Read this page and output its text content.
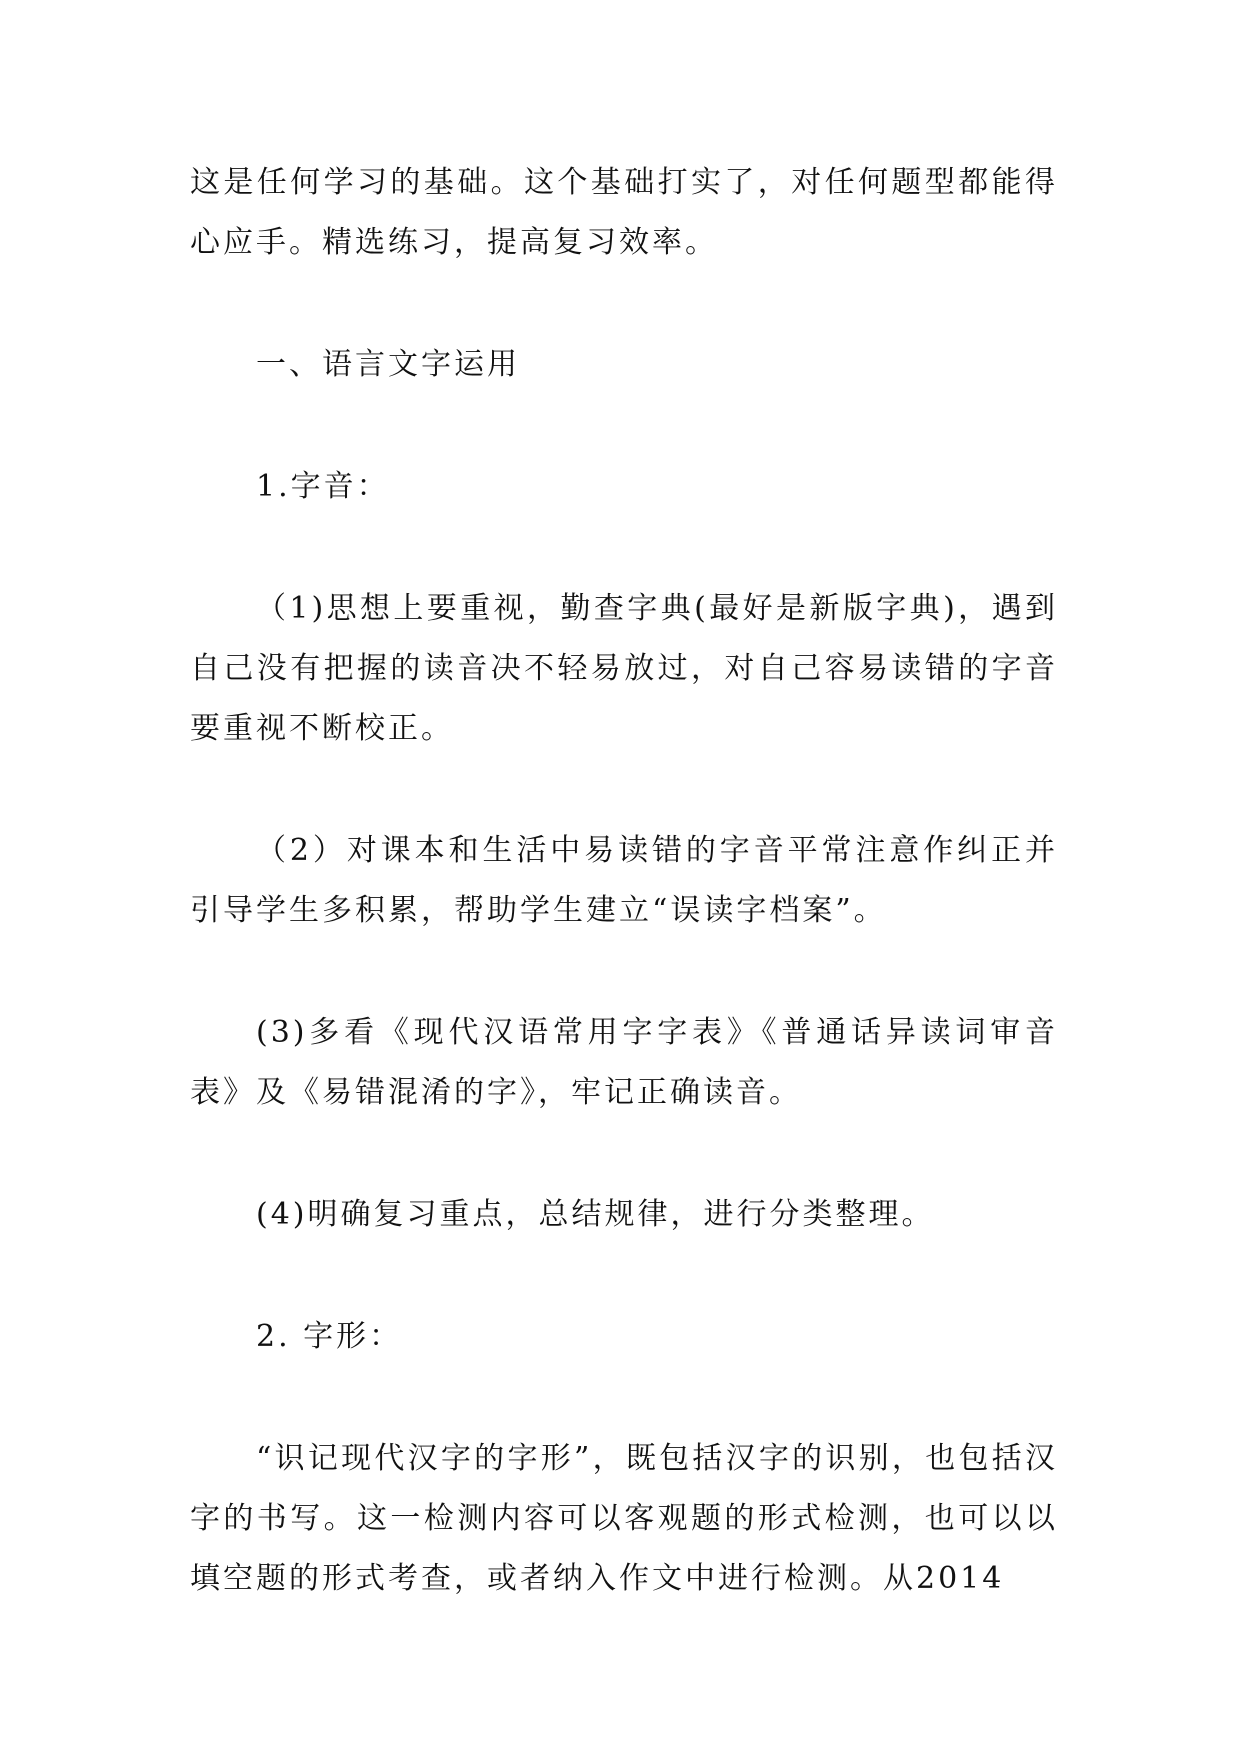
这是任何学习的基础。这个基础打实了，对任何题型都能得心应手。精选练习，提高复习效率。

一、语言文字运用

1.字音：

（1)思想上要重视，勤查字典(最好是新版字典)，遇到自己没有把握的读音决不轻易放过，对自己容易读错的字音要重视不断校正。

（2）对课本和生活中易读错的字音平常注意作纠正并引导学生多积累，帮助学生建立“误读字档案”。

(3)多看《现代汉语常用字字表》《普通话异读词审音表》及《易错混淆的字》，牢记正确读音。

(4)明确复习重点，总结规律，进行分类整理。

2. 字形：

“识记现代汉字的字形”，既包括汉字的识别，也包括汉字的书写。这一检测内容可以客观题的形式检测，也可以以填空题的形式考查，或者纳入作文中进行检测。从2014
